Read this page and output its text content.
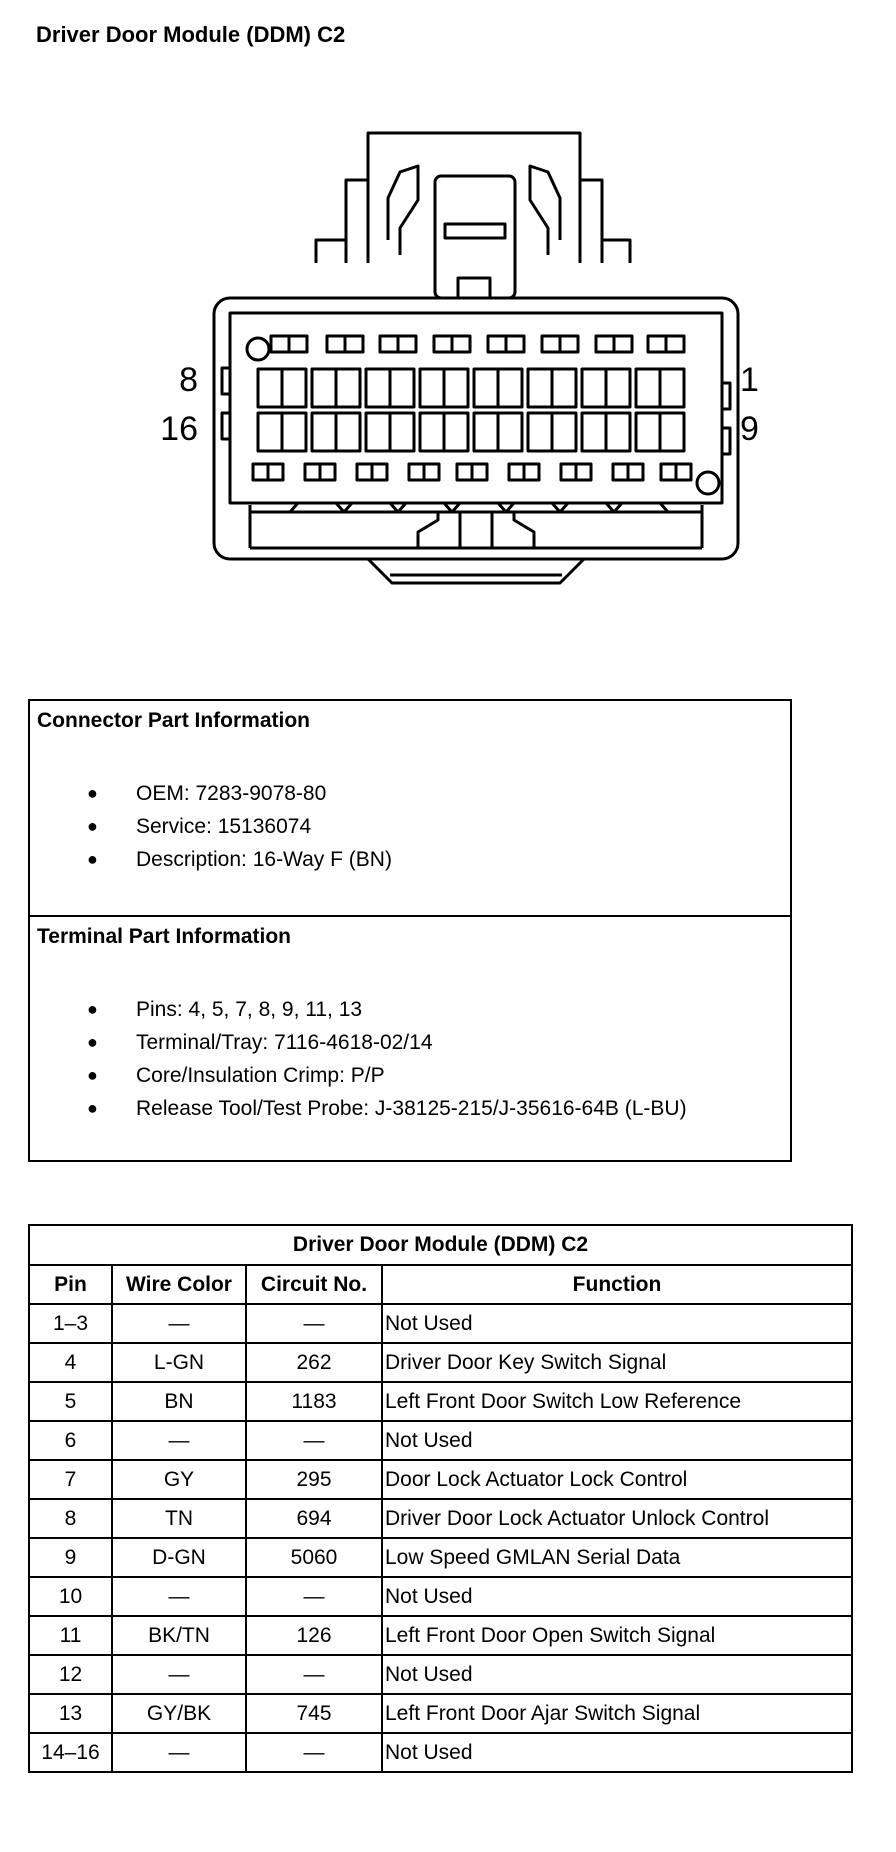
Driver Door Module (DDM) C2
8
16
1
9
Connector Part Information
● OEM: 7283-9078-80
● Service: 15136074
● Description: 16-Way F (BN)
Terminal Part Information
● Pins: 4, 5, 7, 8, 9, 11, 13
● Terminal/Tray: 7116-4618-02/14
● Core/Insulation Crimp: P/P
● Release Tool/Test Probe: J-38125-215/J-35616-64B (L-BU)
Driver Door Module (DDM) C2			
Pin	Wire Color	Circuit No.	Function
1–3	—	—	Not Used
4	L-GN	262	Driver Door Key Switch Signal
5	BN	1183	Left Front Door Switch Low Reference
6	—	—	Not Used
7	GY	295	Door Lock Actuator Lock Control
8	TN	694	Driver Door Lock Actuator Unlock Control
9	D-GN	5060	Low Speed GMLAN Serial Data
10	—	—	Not Used
11	BK/TN	126	Left Front Door Open Switch Signal
12	—	—	Not Used
13	GY/BK	745	Left Front Door Ajar Switch Signal
14–16	—	—	Not Used
